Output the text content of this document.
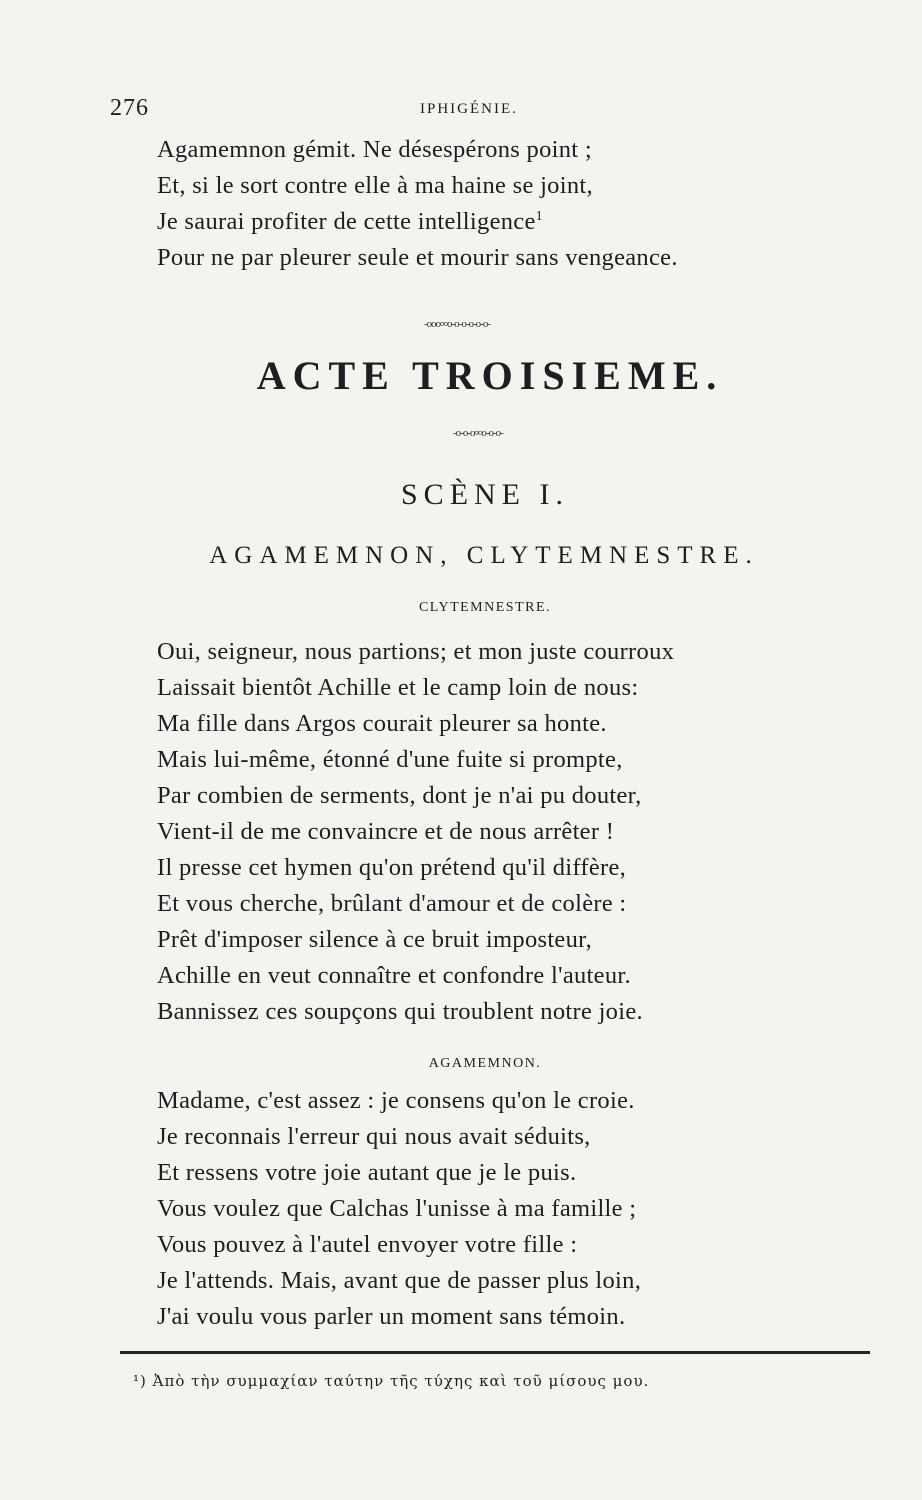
276	IPHIGÉNIE.

Agamemnon gémit. Ne désespérons point ;

Et, si le sort contre elle à ma haine se joint,

Je saurai profiter de cette intelligence$^1$

Pour ne par pleurer seule et mourir sans vengeance.

-ooo∞o-o-o-o-o-o-
ACTE TROISIEME.
-o-o-o∞o-o-o-
SCÈNE I.
AGAMEMNON, CLYTEMNESTRE.
CLYTEMNESTRE.

Oui, seigneur, nous partions; et mon juste courroux

Laissait bientôt Achille et le camp loin de nous:

Ma fille dans Argos courait pleurer sa honte.

Mais lui-même, étonné d'une fuite si prompte,

Par combien de serments, dont je n'ai pu douter,

Vient-il de me convaincre et de nous arrêter !

Il presse cet hymen qu'on prétend qu'il diffère,

Et vous cherche, brûlant d'amour et de colère :

Prêt d'imposer silence à ce bruit imposteur,

Achille en veut connaître et confondre l'auteur.

Bannissez ces soupçons qui troublent notre joie.

AGAMEMNON.

Madame, c'est assez : je consens qu'on le croie.

Je reconnais l'erreur qui nous avait séduits,

Et ressens votre joie autant que je le puis.

Vous voulez que Calchas l'unisse à ma famille ;

Vous pouvez à l'autel envoyer votre fille :

Je l'attends. Mais, avant que de passer plus loin,

J'ai voulu vous parler un moment sans témoin.

¹) Ἀπὸ τὴν συμμαχίαν ταύτην τῆς τύχης καὶ τοῦ μίσους μου.
